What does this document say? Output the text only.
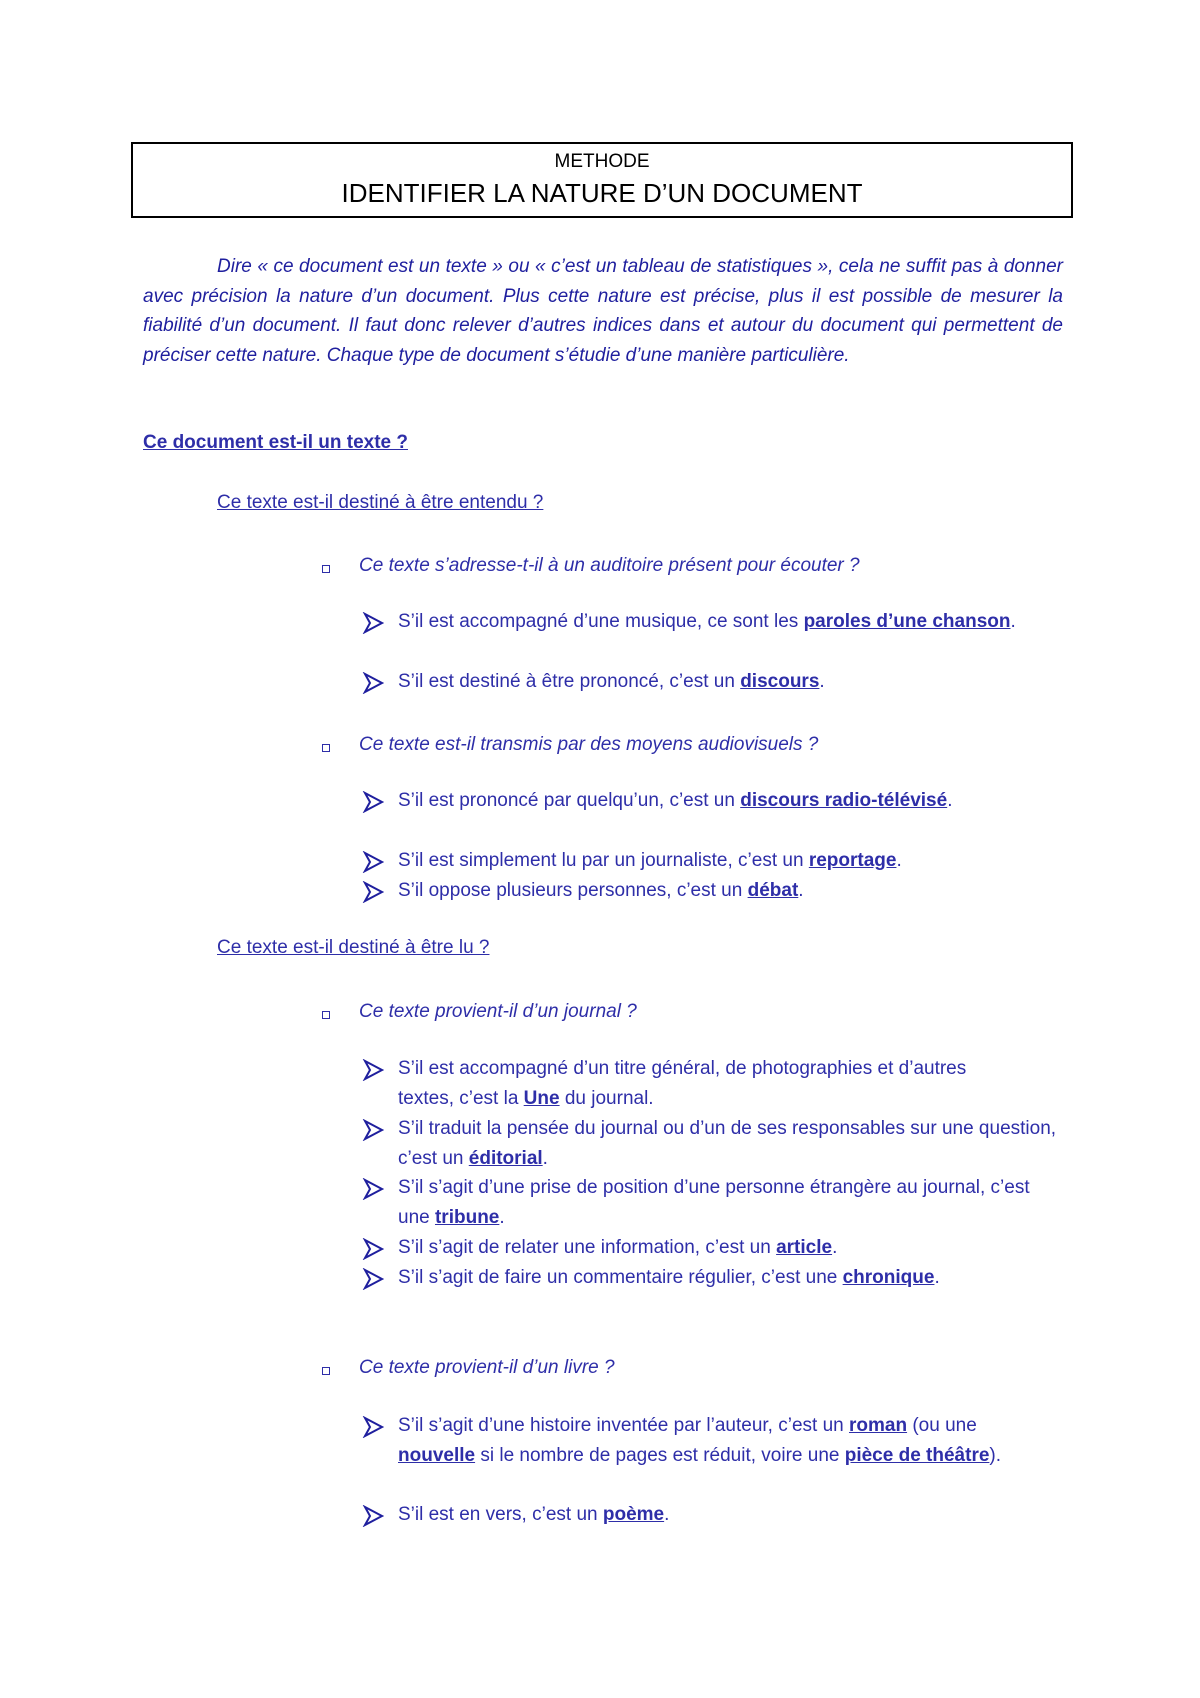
METHODE
IDENTIFIER LA NATURE D’UN DOCUMENT
Dire « ce document est un texte » ou « c’est un tableau de statistiques », cela ne suffit pas à donner avec précision la nature d’un document. Plus cette nature est précise, plus il est possible de mesurer la fiabilité d’un document. Il faut donc relever d’autres indices dans et autour du document qui permettent de préciser cette nature. Chaque type de document s’étudie d’une manière particulière.
Ce document est-il un texte ?
Ce texte est-il destiné à être entendu ?
Ce texte s’adresse-t-il à un auditoire présent pour écouter ?
S’il est accompagné d’une musique, ce sont les paroles d’une chanson.
S’il est destiné à être prononcé, c’est un discours.
Ce texte est-il transmis par des moyens audiovisuels ?
S’il est prononcé par quelqu’un, c’est un discours radio-télévisé.
S’il est simplement lu par un journaliste, c’est un reportage.
S’il oppose plusieurs personnes, c’est un débat.
Ce texte est-il destiné à être lu ?
Ce texte provient-il d’un journal ?
S’il est accompagné d’un titre général, de photographies et d’autres textes, c’est la Une du journal.
S’il traduit la pensée du journal ou d’un de ses responsables sur une question, c’est un éditorial.
S’il s’agit d’une prise de position d’une personne étrangère au journal, c’est une tribune.
S’il s’agit de relater une information, c’est un article.
S’il s’agit de faire un commentaire régulier, c’est une chronique.
Ce texte provient-il d’un livre ?
S’il s’agit d’une histoire inventée par l’auteur, c’est un roman (ou une nouvelle si le nombre de pages est réduit, voire une pièce de théâtre).
S’il est en vers, c’est un poème.
